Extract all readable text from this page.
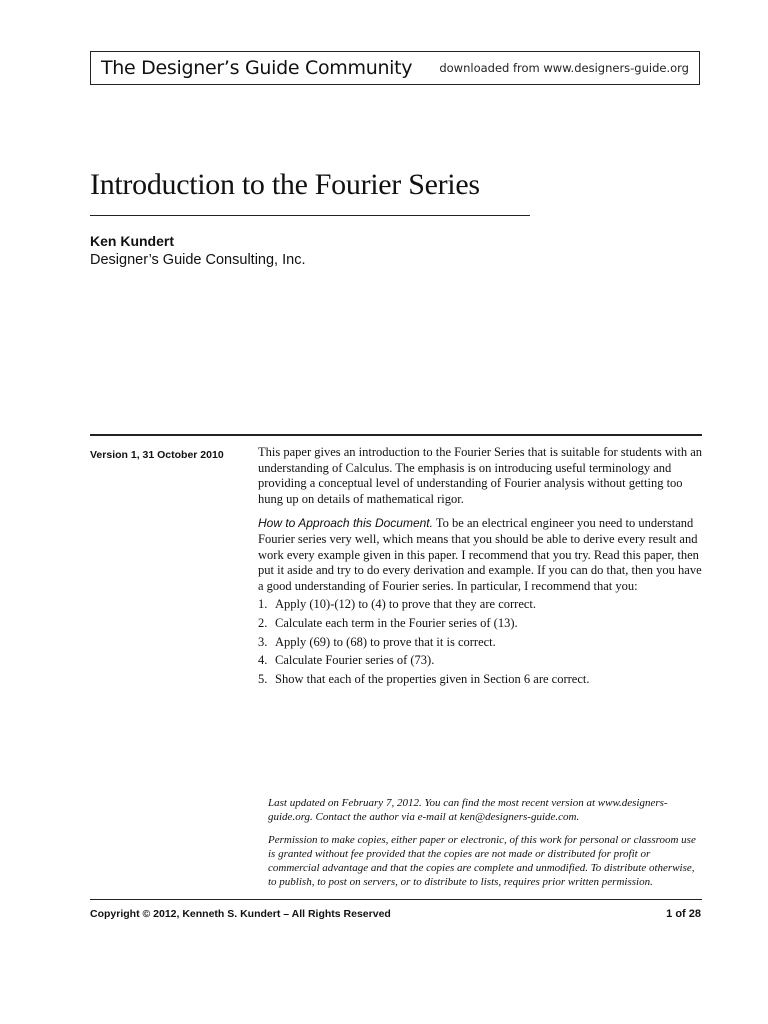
The Designer’s Guide Community downloaded from www.designers-guide.org
Introduction to the Fourier Series
Ken Kundert
Designer’s Guide Consulting, Inc.
Version 1, 31 October 2010	This paper gives an introduction to the Fourier Series that is suitable for students with an understanding of Calculus. The emphasis is on introducing useful terminology and providing a conceptual level of understanding of Fourier analysis without getting too hung up on details of mathematical rigor.

How to Approach this Document. To be an electrical engineer you need to understand Fourier series very well, which means that you should be able to derive every result and work every example given in this paper. I recommend that you try. Read this paper, then put it aside and try to do every derivation and example. If you can do that, then you have a good understanding of Fourier series. In particular, I recommend that you:

1. Apply (10)-(12) to (4) to prove that they are correct.
2. Calculate each term in the Fourier series of (13).
3. Apply (69) to (68) to prove that it is correct.
4. Calculate Fourier series of (73).
5. Show that each of the properties given in Section 6 are correct.

Last updated on February 7, 2012. You can find the most recent version at www.designers-guide.org. Contact the author via e-mail at ken@designers-guide.com.

Permission to make copies, either paper or electronic, of this work for personal or classroom use is granted without fee provided that the copies are not made or distributed for profit or commercial advantage and that the copies are complete and unmodified. To distribute otherwise, to publish, to post on servers, or to distribute to lists, requires prior written permission.

Copyright © 2012, Kenneth S. Kundert – All Rights Reserved	1 of 28
